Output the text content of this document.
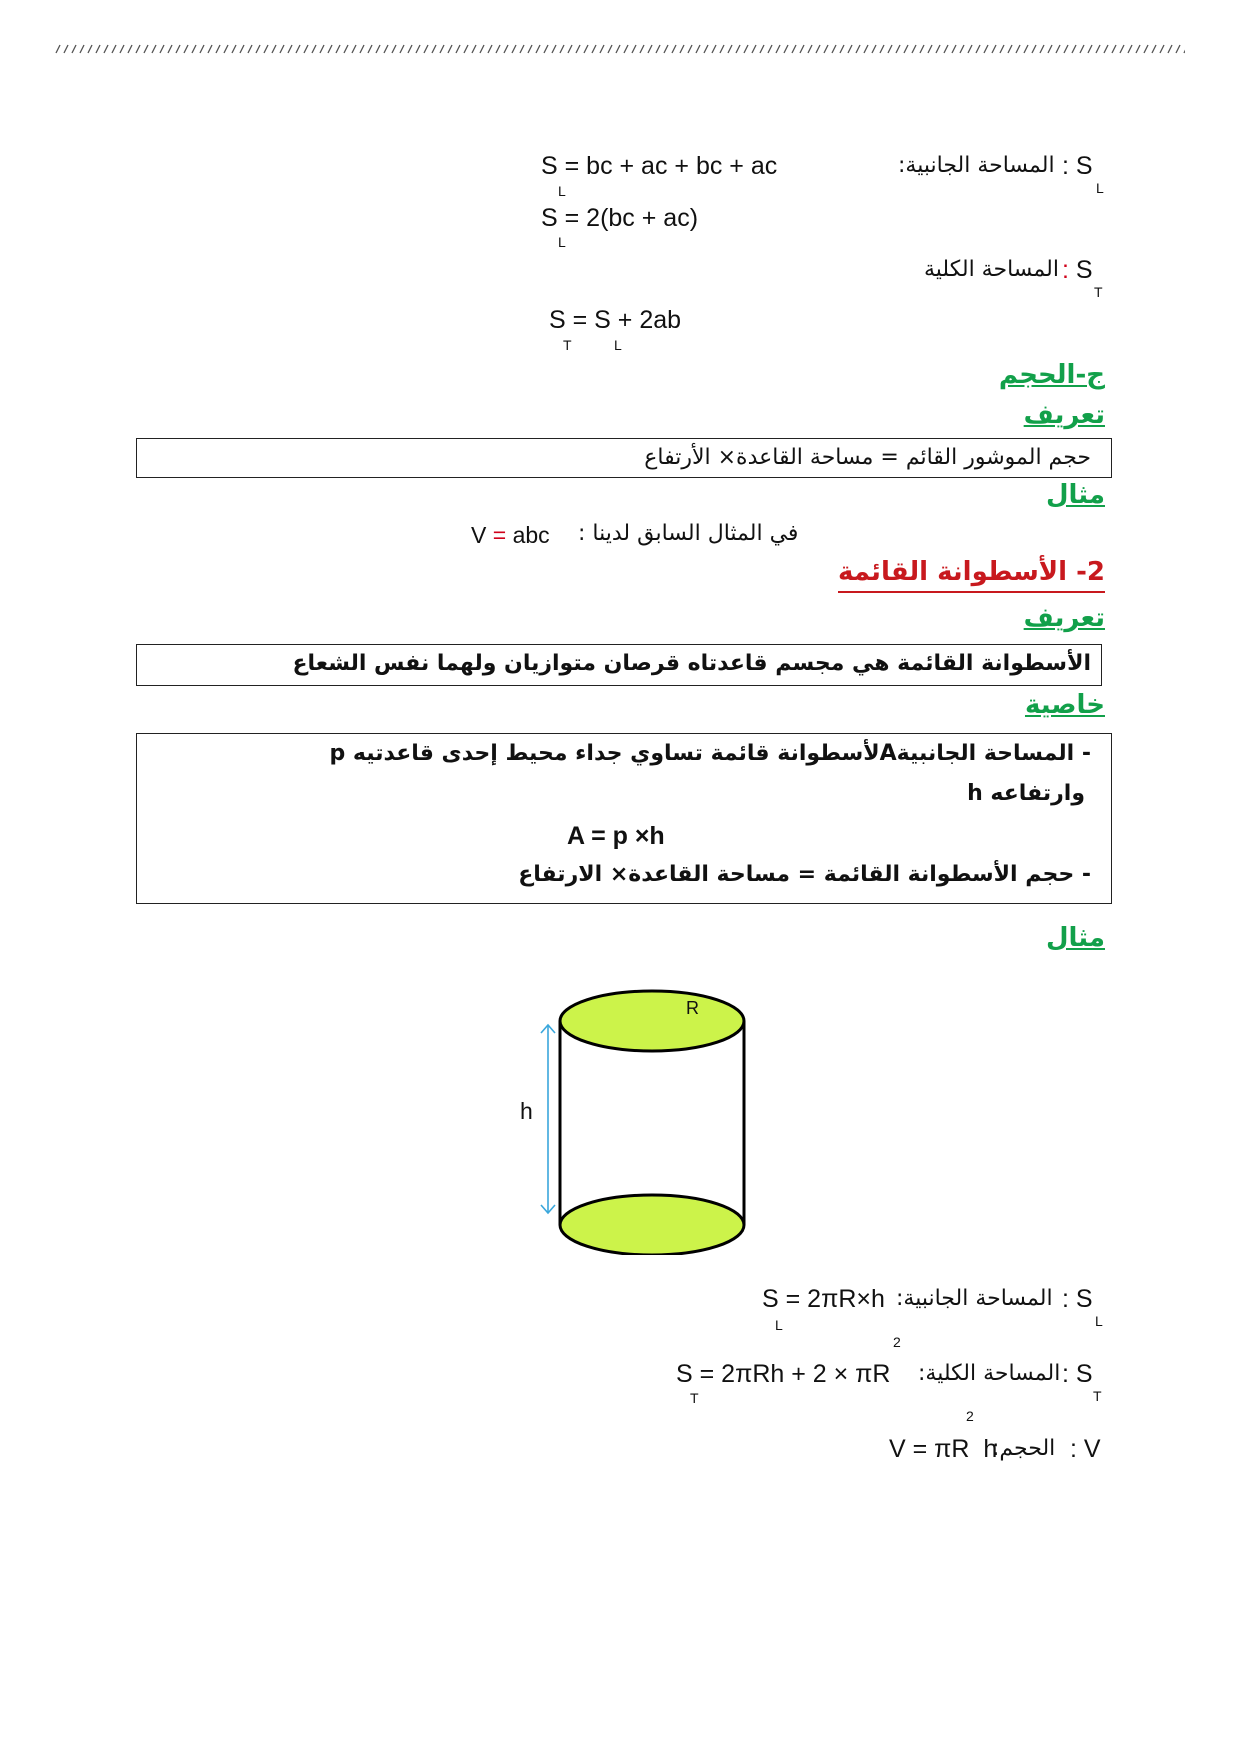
S = bc + ac + bc + ac
L
المساحة الجانبية:	: S
L
S = 2(bc + ac)
L
المساحة الكلية : S
T
S = S + 2ab
T	L
ج-الحجم
تعريف
حجم الموشور القائم = مساحة القاعدة× الأرتفاع
مثال
في المثال السابق لدينا :
V = abc
2- الأسطوانة القائمة
تعريف
الأسطوانة القائمة هي مجسم قاعدتاه قرصان متوازيان ولهما نفس الشعاع
خاصية
- المساحة الجانبيةAلأسطوانة قائمة تساوي جداء محيط إحدى قاعدتيه p
وارتفاعه h
A = p ×h
- حجم الأسطوانة القائمة = مساحة القاعدة× الارتفاع
مثال
R
h
S = 2πR×h
L
المساحة الجانبية: S :
L
2
S = 2πRh + 2 × πR
T
المساحة الكلية: S :
T
2
V = πR  h
الحجم: V :
